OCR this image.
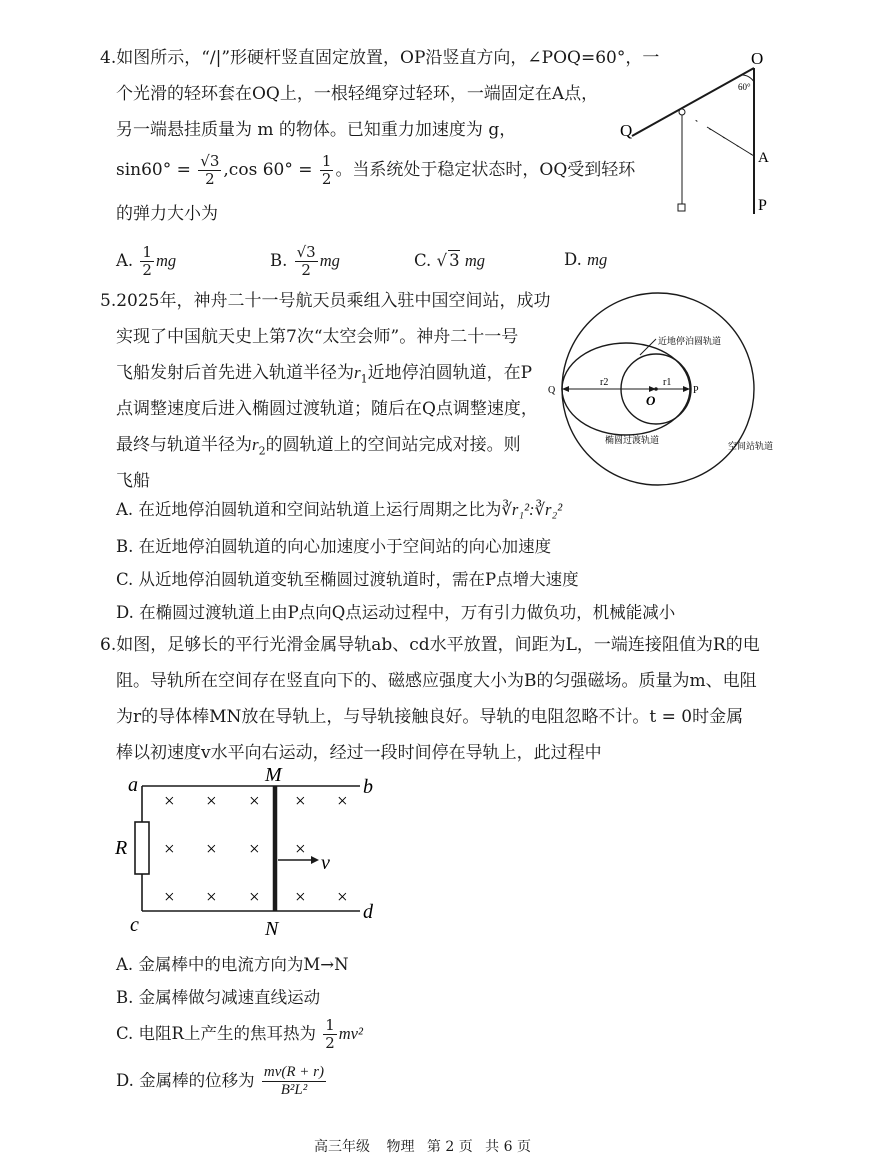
4.如图所示，“/|”形硬杆竖直固定放置，OP沿竖直方向，∠POQ=60°，一
个光滑的轻环套在OQ上，一根轻绳穿过轻环，一端固定在A点，
另一端悬挂质量为 m 的物体。已知重力加速度为 g，
$\sin 60^\circ = \frac{√3}{2} ,\cos$ $60^\circ = \frac{1}{2}$ 。当系统处于稳定状态时，OQ受到轻环
的弹力大小为
A. $\frac{1}{2}$ mg	B. $\frac{√3}{2}$ mg	C. √ 3 mg	D. mg
O
60°
Q
A
P
5.2025年，神舟二十一号航天员乘组入驻中国空间站，成功
实现了中国航天史上第7次“太空会师”。神舟二十一号
飞船发射后首先进入轨道半径为$r_1$近地停泊圆轨道，在P
点调整速度后进入椭圆过渡轨道；随后在Q点调整速度，
最终与轨道半径为$r_2$的圆轨道上的空间站完成对接。则
飞船
A. 在近地停泊圆轨道和空间站轨道上运行周期之比为∛r₁²:∛r₂²
B. 在近地停泊圆轨道的向心加速度小于空间站的向心加速度
C. 从近地停泊圆轨道变轨至椭圆过渡轨道时，需在P点增大速度
D. 在椭圆过渡轨道上由P点向Q点运动过程中，万有引力做负功，机械能减小
近地停泊圆轨道
椭圆过渡轨道
空间站轨道
Q	P
O
r2	r1
6.如图，足够长的平行光滑金属导轨ab、cd水平放置，间距为L，一端连接阻值为R的电
阻。导轨所在空间存在竖直向下的、磁感应强度大小为B的匀强磁场。质量为m、电阻
为r的导体棒MN放在导轨上，与导轨接触良好。导轨的电阻忽略不计。t = 0时金属
棒以初速度v水平向右运动，经过一段时间停在导轨上，此过程中
× × × × ×
× × × ×
× × × × ×
a	b
c
d
M
N
R
v
A. 金属棒中的电流方向为M→N
B. 金属棒做匀减速直线运动
C. 电阻R上产生的焦耳热为 $\frac{1}{2} mv^2$
D. 金属棒的位移为 $\frac{mv(R + r)}{\text{B²L²}}$
高三年级 物理 第 2 页 共 6 页
